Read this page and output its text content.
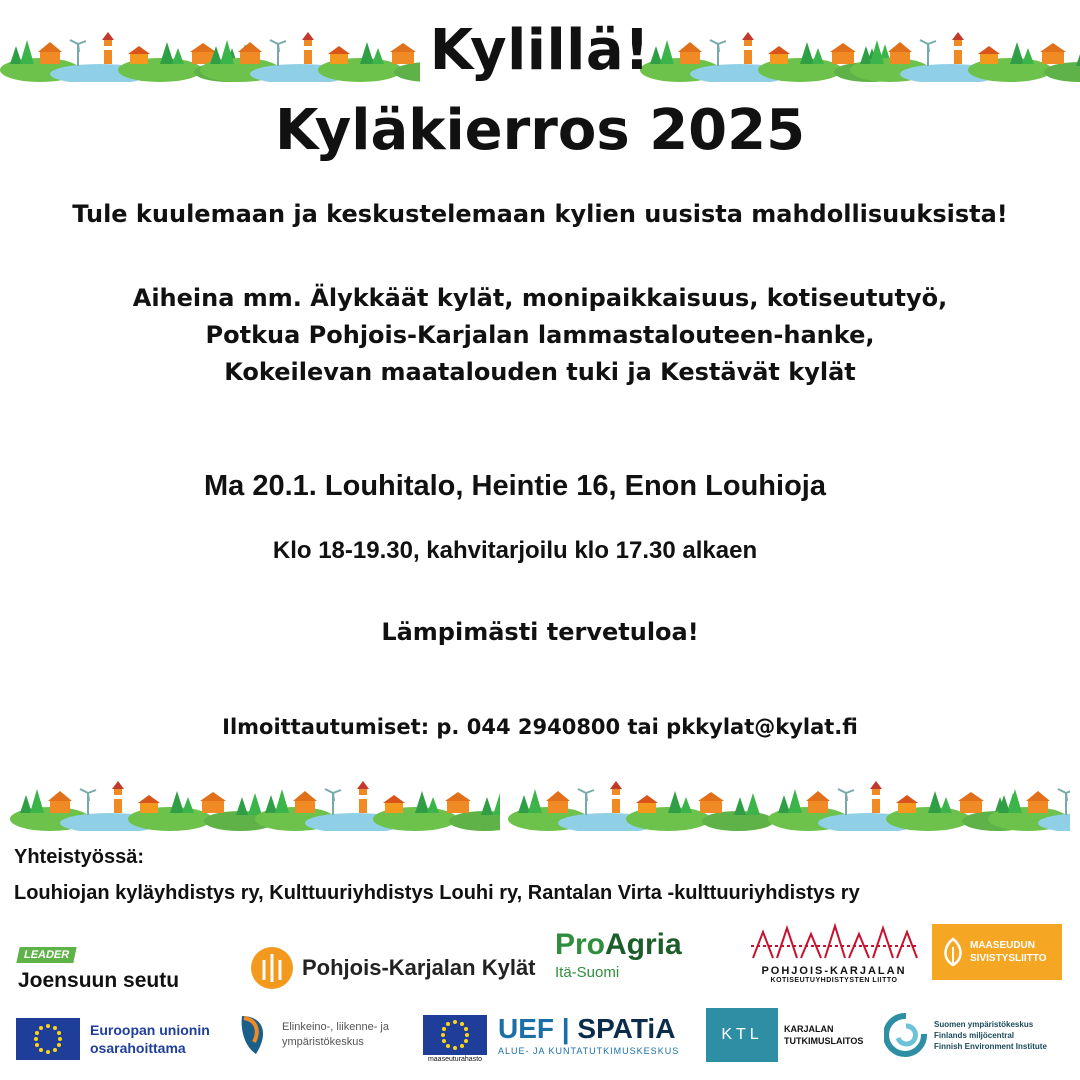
Kylillä!
Kyläkierros 2025
Tule kuulemaan ja keskustelemaan kylien uusista mahdollisuuksista!
Aiheina mm. Älykkäät kylät, monipaikkaisuus, kotiseututyö,
Potkua Pohjois-Karjalan lammastalouteen-hanke,
Kokeilevan maatalouden tuki ja Kestävät kylät
Ma 20.1. Louhitalo, Heintie 16, Enon Louhioja
Klo 18-19.30, kahvitarjoilu klo 17.30 alkaen
Lämpimästi tervetuloa!
Ilmoittautumiset: p. 044 2940800 tai pkkylat@kylat.fi
Yhteistyössä:
Louhiojan kyläyhdistys ry, Kulttuuriyhdistys Louhi ry, Rantalan Virta -kulttuuriyhdistys ry
LEADER
Joensuun seutu
Pohjois-Karjalan Kylät
ProAgria
Itä-Suomi	POHJOIS-KARJALAN
KOTISEUTUYHDISTYSTEN LIITTO
MAASEUDUN
SIVISTYSLIITTO
Euroopan unionin
osarahoittama
Elinkeino-, liikenne- ja
ympäristökeskus
maaseuturahasto
UEF | SPATiA
ALUE- JA KUNTATUTKIMUSKESKUS
KTL	KARJALAN
TUTKIMUSLAITOS
Suomen ympäristökeskus
Finlands miljöcentral
Finnish Environment Institute
